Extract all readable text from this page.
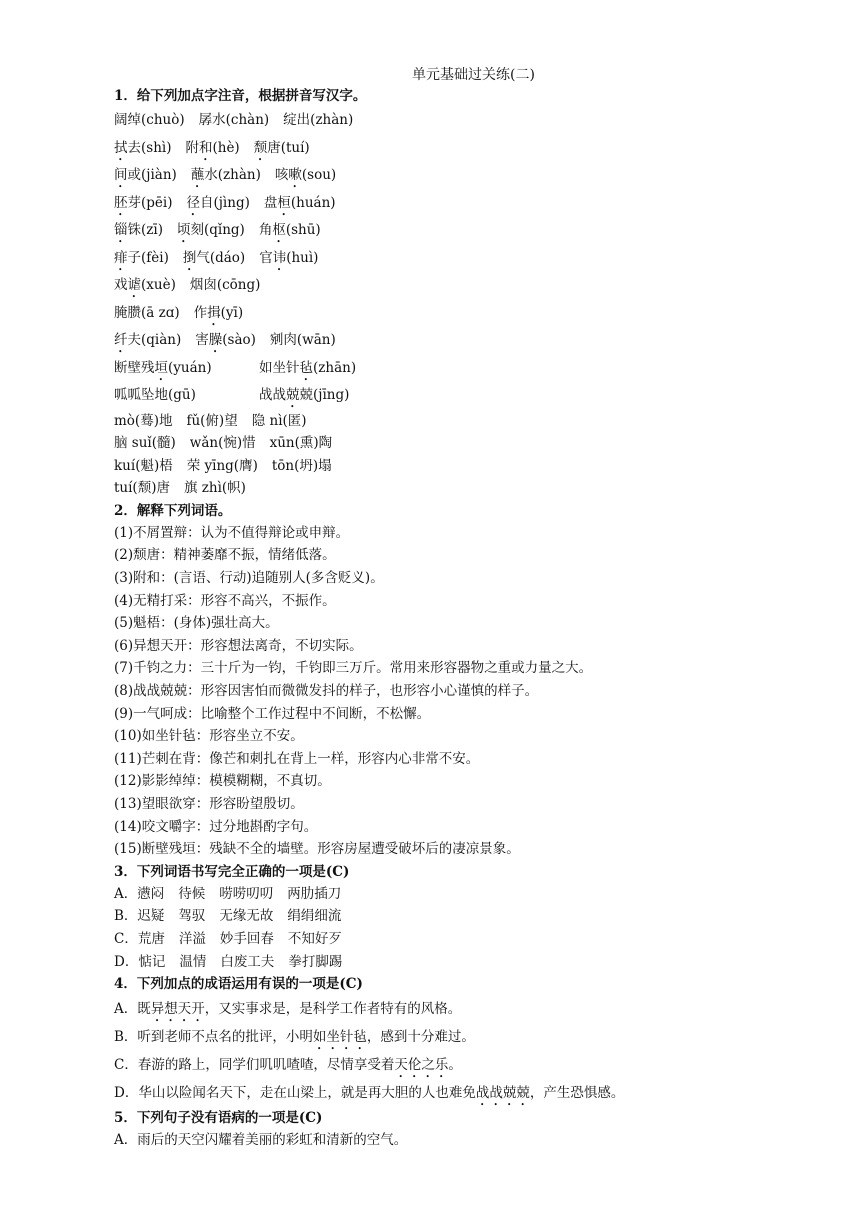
单元基础过关练(二)
1．给下列加点字注音，根据拼音写汉字。
阔绰(chuò) 孱水(chàn) 绽出(zhàn)
拭去(shì) 附和(hè) 颓唐(tuí)
间或(jiàn) 蘸水(zhàn) 咳嗽(sou)
胚芽(pēi) 径自(jìng) 盘桓(huán)
锱铢(zī) 顷刻(qǐng) 角枢(shū)
痱子(fèi) 捯气(dáo) 官讳(huì)
戏谑(xuè) 烟囱(cōng)
腌臜(ā zɑ) 作揖(yī)
纤夫(qiàn) 害臊(sào) 剜肉(wān)
断壁残垣(yuán)	如坐针毡(zhān)
呱呱坠地(gū)	战战兢兢(jīng)
mò(蓦)地 fǔ(俯)望 隐 nì(匿)
脑 suǐ(髓) wǎn(惋)惜 xūn(熏)陶
kuí(魁)梧 荣 yīng(膺) tōn(坍)塌
tuí(颓)唐 旗 zhì(帜)
2．解释下列词语。
(1)不屑置辩：认为不值得辩论或申辩。
(2)颓唐：精神萎靡不振，情绪低落。
(3)附和：(言语、行动)追随别人(多含贬义)。
(4)无精打采：形容不高兴，不振作。
(5)魁梧：(身体)强壮高大。
(6)异想天开：形容想法离奇，不切实际。
(7)千钧之力：三十斤为一钧，千钧即三万斤。常用来形容器物之重或力量之大。
(8)战战兢兢：形容因害怕而微微发抖的样子，也形容小心谨慎的样子。
(9)一气呵成：比喻整个工作过程中不间断，不松懈。
(10)如坐针毡：形容坐立不安。
(11)芒刺在背：像芒和刺扎在背上一样，形容内心非常不安。
(12)影影绰绰：模模糊糊，不真切。
(13)望眼欲穿：形容盼望殷切。
(14)咬文嚼字：过分地斟酌字句。
(15)断壁残垣：残缺不全的墙壁。形容房屋遭受破坏后的凄凉景象。
3．下列词语书写完全正确的一项是(C)
A．懑闷 待候 唠唠叨叨 两肋插刀
B．迟疑 驾驭 无缘无故 绢绢细流
C．荒唐 洋溢 妙手回春 不知好歹
D．惦记 温情 白废工夫 拳打脚踢
4．下列加点的成语运用有误的一项是(C)
A．既异想天开，又实事求是，是科学工作者特有的风格。
B．听到老师不点名的批评，小明如坐针毡，感到十分难过。
C．春游的路上，同学们叽叽喳喳，尽情享受着天伦之乐。
D．华山以险闻名天下，走在山梁上，就是再大胆的人也难免战战兢兢，产生恐惧感。
5．下列句子没有语病的一项是(C)
A．雨后的天空闪耀着美丽的彩虹和清新的空气。
